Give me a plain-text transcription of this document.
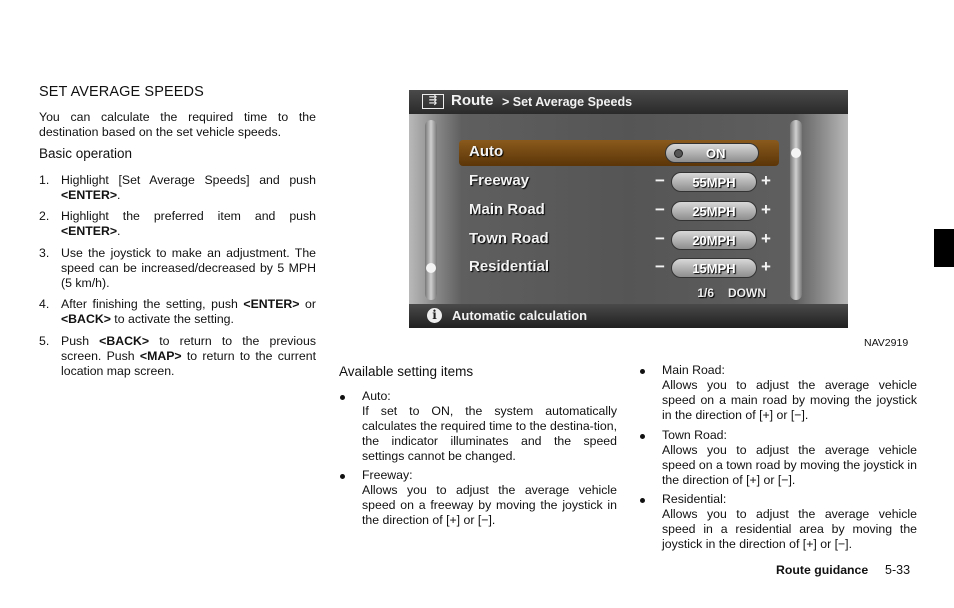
SET AVERAGE SPEEDS
You can calculate the required time to the destination based on the set vehicle speeds.
Basic operation
1. Highlight [Set Average Speeds] and push <ENTER>.
2. Highlight the preferred item and push <ENTER>.
3. Use the joystick to make an adjustment. The speed can be increased/decreased by 5 MPH (5 km/h).
4. After finishing the setting, push <ENTER> or <BACK> to activate the setting.
5. Push <BACK> to return to the previous screen. Push <MAP> to return to the current location map screen.
⇶ Route > Set Average Speeds
Auto	ON
Freeway	−	55MPH	+
Main Road	−	25MPH	+
Town Road	−	20MPH	+
Residential	−	15MPH	+
1/6 DOWN
i	Automatic calculation
NAV2919
Available setting items
Auto:
If set to ON, the system automatically calculates the required time to the destina-tion, the indicator illuminates and the speed settings cannot be changed.
Freeway:
Allows you to adjust the average vehicle speed on a freeway by moving the joystick in the direction of [+] or [−].
Main Road:
Allows you to adjust the average vehicle speed on a main road by moving the joystick in the direction of [+] or [−].
Town Road:
Allows you to adjust the average vehicle speed on a town road by moving the joystick in the direction of [+] or [−].
Residential:
Allows you to adjust the average vehicle speed in a residential area by moving the joystick in the direction of [+] or [−].
Route guidance 5-33
